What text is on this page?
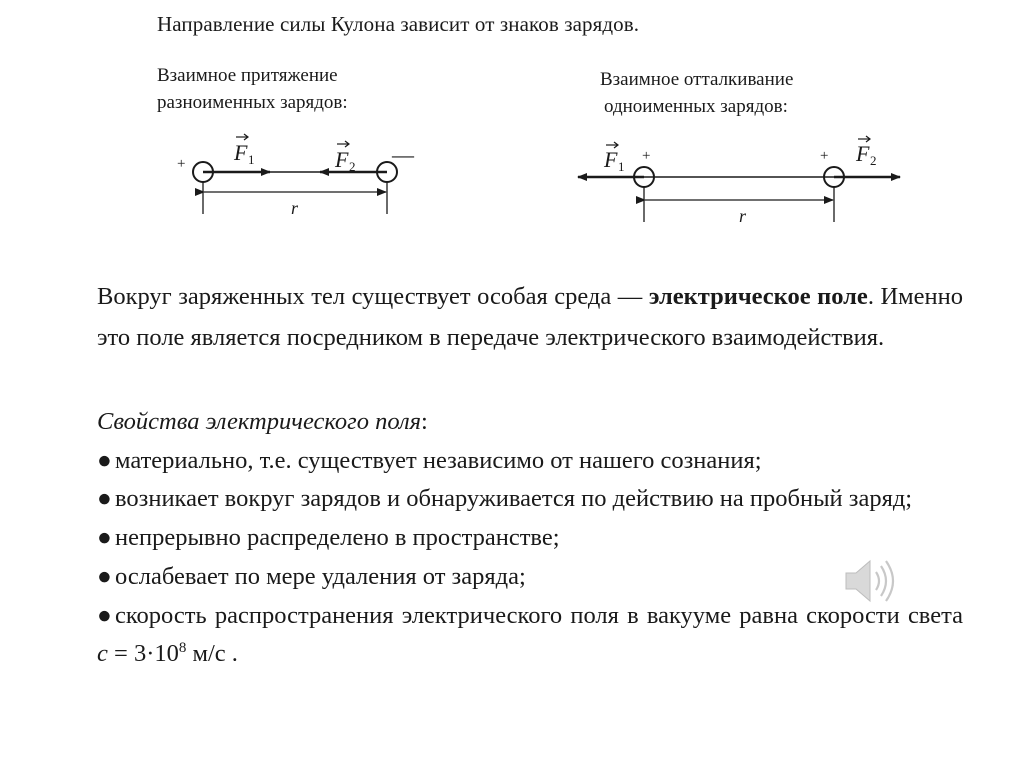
Направление силы Кулона зависит от знаков зарядов.
Взаимное притяжение
разноименных зарядов:
Взаимное отталкивание
одноименных зарядов:
+	—
F 1	F 2
r
+	+
F 1
F 2
r

Вокруг заряженных тел существует особая среда — электрическое поле. Именно это поле является посредником в передаче электрического взаимодействия.

Свойства электрического поля:

● материально, т.е. существует независимо от нашего сознания;

● возникает вокруг зарядов и обнаруживается по действию на пробный заряд;

● непрерывно распределено в пространстве;

● ослабевает по мере удаления от заряда;

● скорость распространения электрического поля в вакууме равна скорости света $c = 3\cdot 10^8$ м/с .
